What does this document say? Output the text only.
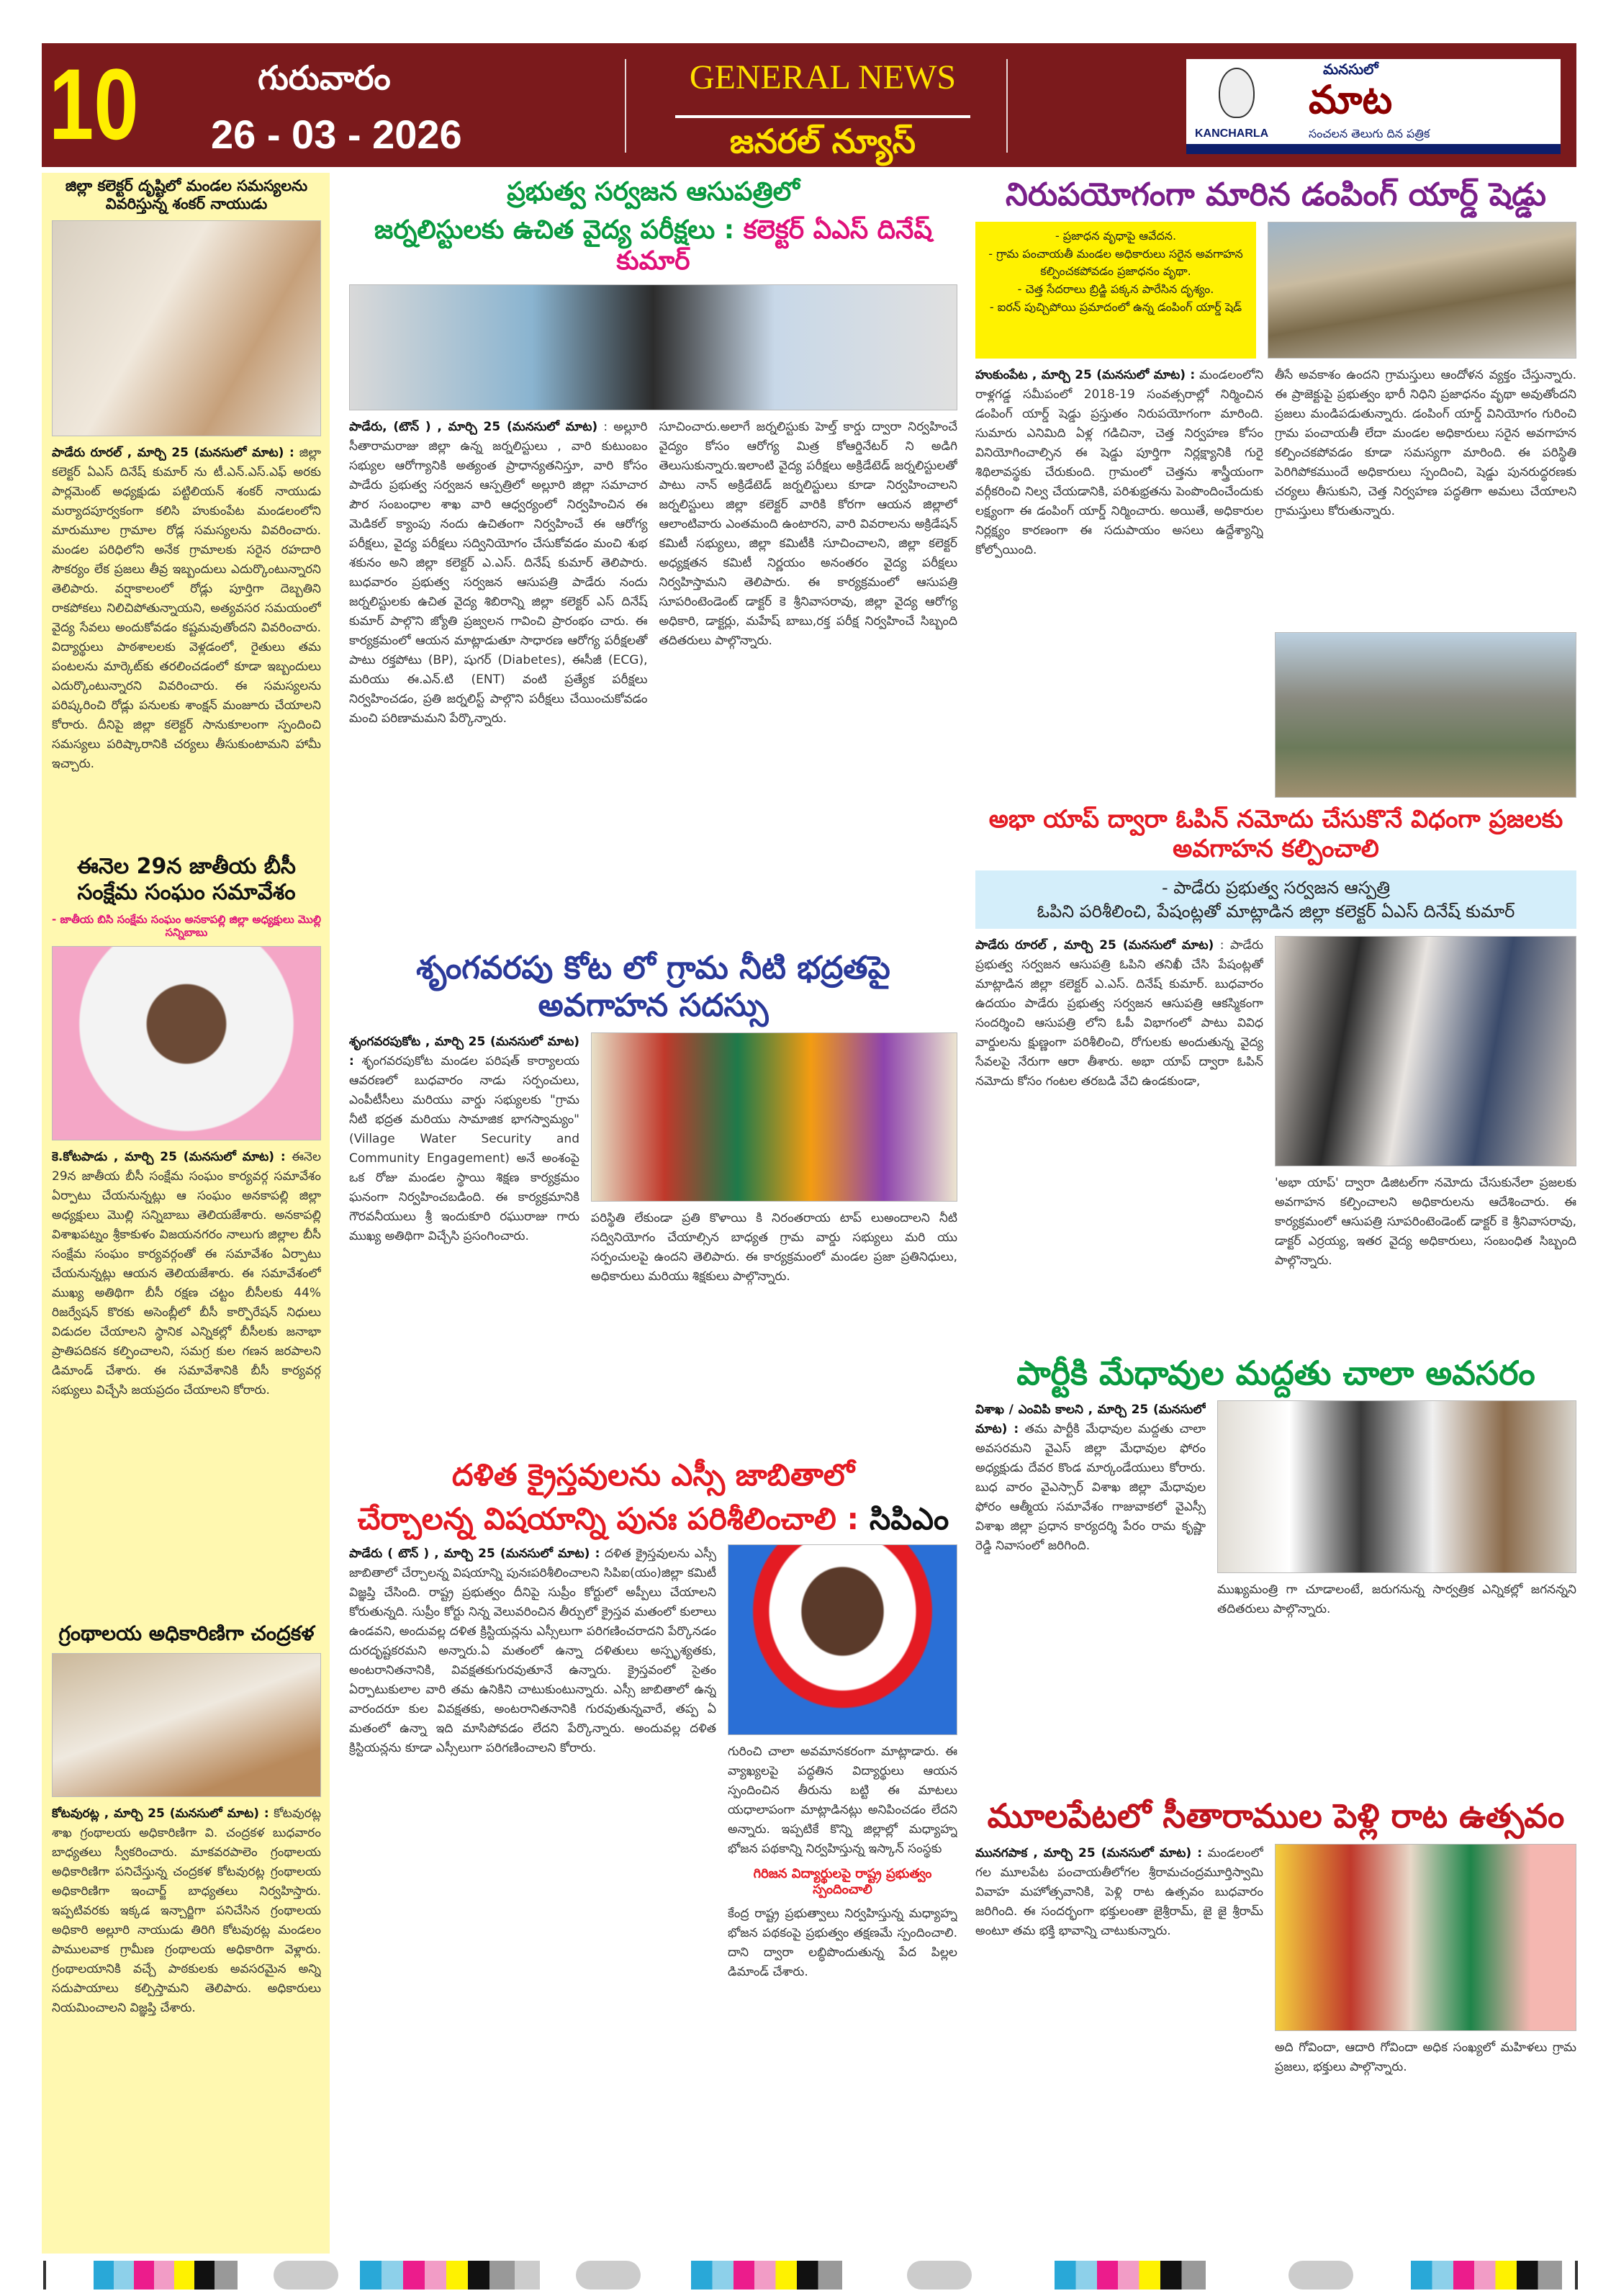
10	గురువారం
26 - 03 - 2026
GENERAL NEWS
జనరల్ న్యూస్
మనసులో
మాట
KANCHARLA	సంచలన తెలుగు దిన పత్రిక
జిల్లా కలెక్టర్ దృష్టిలో మండల సమస్యలను వివరిస్తున్న శంకర్ నాయుడు
పాడేరు రూరల్ , మార్చి 25 (మనసులో మాట) : జిల్లా కలెక్టర్ ఏఎస్ దినేష్ కుమార్ ను టీ.ఎన్.ఎస్.ఎఫ్ అరకు పార్లమెంట్ అధ్యక్షుడు పట్టిలియన్ శంకర్ నాయుడు మర్యాదపూర్వకంగా కలిసి హుకుంపేట మండలంలోని మారుమూల గ్రామాల రోడ్ల సమస్యలను వివరించారు. మండల పరిధిలోని అనేక గ్రామాలకు సరైన రహదారి సౌకర్యం లేక ప్రజలు తీవ్ర ఇబ్బందులు ఎదుర్కొంటున్నారని తెలిపారు. వర్షాకాలంలో రోడ్లు పూర్తిగా దెబ్బతిని రాకపోకలు నిలిచిపోతున్నాయని, అత్యవసర సమయంలో వైద్య సేవలు అందుకోవడం కష్టమవుతోందని వివరించారు. విద్యార్థులు పాఠశాలలకు వెళ్లడంలో, రైతులు తమ పంటలను మార్కెట్‌కు తరలించడంలో కూడా ఇబ్బందులు ఎదుర్కొంటున్నారని వివరించారు. ఈ సమస్యలను పరిష్కరించి రోడ్లు పనులకు శాంక్షన్ మంజూరు చేయాలని కోరారు. దీనిపై జిల్లా కలెక్టర్ సానుకూలంగా స్పందించి సమస్యలు పరిష్కారానికి చర్యలు తీసుకుంటామని హామీ ఇచ్చారు.
ఈనెల 29న జాతీయ బీసీ సంక్షేమ సంఘం సమావేశం
- జాతీయ బిసి సంక్షేమ సంఘం అనకాపల్లి జిల్లా అధ్యక్షులు మొల్లి సన్నిబాబు
కె.కోటపాడు , మార్చి 25 (మనసులో మాట) : ఈనెల 29న జాతీయ బీసీ సంక్షేమ సంఘం కార్యవర్గ సమావేశం ఏర్పాటు చేయనున్నట్లు ఆ సంఘం అనకాపల్లి జిల్లా అధ్యక్షులు మొల్లి సన్నిబాబు తెలియజేశారు. అనకాపల్లి విశాఖపట్నం శ్రీకాకుళం విజయనగరం నాలుగు జిల్లాల బీసీ సంక్షేమ సంఘం కార్యవర్గంతో ఈ సమావేశం ఏర్పాటు చేయనున్నట్లు ఆయన తెలియజేశారు. ఈ సమావేశంలో ముఖ్య అతిథిగా బీసీ రక్షణ చట్టం బీసీలకు 44% రిజర్వేషన్ కొరకు అసెంబ్లీలో బీసీ కార్పొరేషన్ నిధులు విడుదల చేయాలని స్థానిక ఎన్నికల్లో బీసీలకు జనాభా ప్రాతిపదికన కల్పించాలని, సమగ్ర కుల గణన జరపాలని డిమాండ్ చేశారు. ఈ సమావేశానికి బీసీ కార్యవర్గ సభ్యులు విచ్చేసి జయప్రదం చేయాలని కోరారు.
గ్రంథాలయ అధికారిణిగా చంద్రకళ
కోటవురట్ల , మార్చి 25 (మనసులో మాట) : కోటవురట్ల శాఖ గ్రంథాలయ అధికారిణిగా వి. చంద్రకళ బుధవారం బాధ్యతలు స్వీకరించారు. మాకవరపాలెం గ్రంథాలయ అధికారిణిగా పనిచేస్తున్న చంద్రకళ కోటవురట్ల గ్రంథాలయ అధికారిణిగా ఇంచార్జ్ బాధ్యతలు నిర్వహిస్తారు. ఇప్పటివరకు ఇక్కడ ఇన్చార్జిగా పనిచేసిన గ్రంథాలయ అధికారి అల్లూరి నాయుడు తిరిగి కోటవురట్ల మండలం పాములవాక గ్రామీణ గ్రంథాలయ అధికారిగా వెళ్లారు. గ్రంథాలయానికి వచ్చే పాఠకులకు అవసరమైన అన్ని సదుపాయాలు కల్పిస్తామని తెలిపారు. అధికారులు నియమించాలని విజ్ఞప్తి చేశారు.
ప్రభుత్వ సర్వజన ఆసుపత్రిలో
జర్నలిస్టులకు ఉచిత వైద్య పరీక్షలు : కలెక్టర్ ఏఎస్ దినేష్ కుమార్
పాడేరు, (టౌన్ ) , మార్చి 25 (మనసులో మాట) : అల్లూరి సీతారామరాజు జిల్లా ఉన్న జర్నలిస్టులు , వారి కుటుంబం సభ్యుల ఆరోగ్యానికి అత్యంత ప్రాధాన్యతనిస్తూ, వారి కోసం పాడేరు ప్రభుత్వ సర్వజన ఆస్పత్రిలో అల్లూరి జిల్లా సమాచార పౌర సంబంధాల శాఖ వారి ఆధ్వర్యంలో నిర్వహించిన ఈ మెడికల్ క్యాంపు నందు ఉచితంగా నిర్వహించే ఈ ఆరోగ్య పరీక్షలు, వైద్య పరీక్షలు సద్వినియోగం చేసుకోవడం మంచి శుభ శకునం అని జిల్లా కలెక్టర్ ఎ.ఎస్. దినేష్ కుమార్ తెలిపారు. బుధవారం ప్రభుత్వ సర్వజన ఆసుపత్రి పాడేరు నందు జర్నలిస్టులకు ఉచిత వైద్య శిబిరాన్ని జిల్లా కలెక్టర్ ఎస్ దినేష్ కుమార్ పాల్గొని జ్యోతి ప్రజ్వలన గావించి ప్రారంభం చారు. ఈ కార్యక్రమంలో ఆయన మాట్లాడుతూ సాధారణ ఆరోగ్య పరీక్షలతో పాటు రక్తపోటు (BP), షుగర్ (Diabetes), ఈసీజీ (ECG), మరియు ఈ.ఎన్.టి (ENT) వంటి ప్రత్యేక పరీక్షలు నిర్వహించడం, ప్రతి జర్నలిస్ట్ పాల్గొని పరీక్షలు చేయించుకోవడం మంచి పరిణామమని పేర్కొన్నారు.
సూచించారు.అలాగే జర్నలిస్టుకు హెల్త్ కార్డు ద్వారా నిర్వహించే వైద్యం కోసం ఆరోగ్య మిత్ర కోఆర్డినేటర్ ని అడిగి తెలుసుకున్నారు.ఇలాంటి వైద్య పరీక్షలు అక్రిడేటెడ్ జర్నలిస్టులతో పాటు నాన్ అక్రిడేటెడ్ జర్నలిస్టులు కూడా నిర్వహించాలని జర్నలిస్టులు జిల్లా కలెక్టర్ వారికి కోరగా ఆయన జిల్లాలో ఆలాంటివారు ఎంతమంది ఉంటారని, వారి వివరాలను అక్రిడేషన్ కమిటీ సభ్యులు, జిల్లా కమిటీకి సూచించాలని, జిల్లా కలెక్టర్ అధ్యక్షతన కమిటీ నిర్ణయం అనంతరం వైద్య పరీక్షలు నిర్వహిస్తామని తెలిపారు. ఈ కార్యక్రమంలో ఆసుపత్రి సూపరింటెండెంట్ డాక్టర్ కె శ్రీనివాసరావు, జిల్లా వైద్య ఆరోగ్య అధికారి, డాక్టర్లు, మహేష్ బాబు,రక్త పరీక్ష నిర్వహించే సిబ్బంది తదితరులు పాల్గొన్నారు.
శృంగవరపు కోట లో గ్రామ నీటి భద్రతపై అవగాహన సదస్సు
శృంగవరపుకోట , మార్చి 25 (మనసులో మాట) : శృంగవరపుకోట మండల పరిషత్ కార్యాలయ ఆవరణలో బుధవారం నాడు సర్పంచులు, ఎంపీటీసీలు మరియు వార్డు సభ్యులకు "గ్రామ నీటి భద్రత మరియు సామాజిక భాగస్వామ్యం" (Village Water Security and Community Engagement) అనే అంశంపై ఒక రోజు మండల స్థాయి శిక్షణ కార్యక్రమం ఘనంగా నిర్వహించబడింది. ఈ కార్యక్రమానికి గౌరవనీయులు శ్రీ ఇందుకూరి రఘురాజు గారు ముఖ్య అతిథిగా విచ్చేసి ప్రసంగించారు.
పరిస్థితి లేకుండా ప్రతి కొళాయి కి నిరంతరాయ టాప్ లుఅందాలని నీటి సద్వినియోగం చేయాల్సిన బాధ్యత గ్రామ వార్డు సభ్యులు మరి యు సర్పంచులపై ఉందని తెలిపారు. ఈ కార్యక్రమంలో మండల ప్రజా ప్రతినిధులు, అధికారులు మరియు శిక్షకులు పాల్గొన్నారు.
దళిత క్రైస్తవులను ఎస్సీ జాబితాలో
చేర్చాలన్న విషయాన్ని పునః పరిశీలించాలి : సిపిఎం
పాడేరు ( టౌన్ ) , మార్చి 25 (మనసులో మాట) : దళిత క్రైస్తవులను ఎస్సీ జాబితాలో చేర్చాలన్న విషయాన్ని పునఃపరిశీలించాలని సిపిఐ(యం)జిల్లా కమిటీ విజ్ఞప్తి చేసింది. రాష్ట్ర ప్రభుత్వం దీనిపై సుప్రీం కోర్టులో అప్పీలు చేయాలని కోరుతున్నది. సుప్రీం కోర్టు నిన్న వెలువరించిన తీర్పులో క్రైస్తవ మతంలో కులాలు ఉండవని, అందువల్ల దళిత క్రిస్టియన్లను ఎస్సీలుగా పరిగణించరాదని పేర్కొనడం దురదృష్టకరమని అన్నారు.ఏ మతంలో ఉన్నా దళితులు అస్పృశ్యతకు, అంటరానితనానికి, వివక్షతకుగురవుతూనే ఉన్నారు. క్రైస్తవంలో సైతం ఏర్పాటుకులాల వారి తమ ఉనికిని చాటుకుంటున్నారు. ఎస్సీ జాబితాలో ఉన్న వారందరూ కుల వివక్షతకు, అంటరానితనానికి గురవుతున్నవారే, తప్ప ఏ మతంలో ఉన్నా ఇది మాసిపోవడం లేదని పేర్కొన్నారు. అందువల్ల దళిత క్రిస్టియన్లను కూడా ఎస్సీలుగా పరిగణించాలని కోరారు.	గురించి చాలా అవమానకరంగా మాట్లాడారు. ఈ వ్యాఖ్యలపై పద్ధతిన విద్యార్థులు ఆయన స్పందించిన తీరును బట్టి ఈ మాటలు యధాలాపంగా మాట్లాడినట్లు అనిపించడం లేదని అన్నారు. ఇప్పటికే కొన్ని జిల్లాల్లో మధ్యాహ్న భోజన పథకాన్ని నిర్వహిస్తున్న ఇస్కాన్ సంస్థకు
గిరిజన విద్యార్థులపై రాష్ట్ర ప్రభుత్వం స్పందించాలి
కేంద్ర రాష్ట్ర ప్రభుత్వాలు నిర్వహిస్తున్న మధ్యాహ్న భోజన పథకంపై ప్రభుత్వం తక్షణమే స్పందించాలి. దాని ద్వారా లబ్ధిపొందుతున్న పేద పిల్లల డిమాండ్ చేశారు.
నిరుపయోగంగా మారిన డంపింగ్ యార్డ్ షెడ్డు
- ప్రజాధన వృధాపై ఆవేదన.
- గ్రామ పంచాయతీ మండల అధికారులు సరైన అవగాహన కల్పించకపోవడం ప్రజాధనం వృథా.
- చెత్త సేదరాలు బ్రిడ్జి పక్కన పారేసిన దృశ్యం.
- ఐరన్ పుచ్చిపోయి ప్రమాదంలో ఉన్న డంపింగ్ యార్డ్ షెడ్
హుకుంపేట , మార్చి 25 (మనసులో మాట) : మండలంలోని రాళ్లగడ్డ సమీపంలో 2018-19 సంవత్సరాల్లో నిర్మించిన డంపింగ్ యార్డ్ షెడ్డు ప్రస్తుతం నిరుపయోగంగా మారింది. సుమారు ఎనిమిది ఏళ్ల గడిచినా, చెత్త నిర్వహణ కోసం వినియోగించాల్సిన ఈ షెడ్డు పూర్తిగా నిర్లక్ష్యానికి గురై శిథిలావస్థకు చేరుకుంది. గ్రామంలో చెత్తను శాస్త్రీయంగా వర్గీకరించి నిల్వ చేయడానికి, పరిశుభ్రతను పెంపొందించేందుకు లక్ష్యంగా ఈ డంపింగ్ యార్డ్ నిర్మించారు. అయితే, అధికారుల నిర్లక్ష్యం కారణంగా ఈ సదుపాయం అసలు ఉద్దేశ్యాన్ని కోల్పోయింది.
తీసే అవకాశం ఉందని గ్రామస్తులు ఆందోళన వ్యక్తం చేస్తున్నారు. ఈ ప్రాజెక్టుపై ప్రభుత్వం భారీ నిధిని ప్రజాధనం వృథా అవుతోందని ప్రజలు మండిపడుతున్నారు. డంపింగ్ యార్డ్ వినియోగం గురించి గ్రామ పంచాయతీ లేదా మండల అధికారులు సరైన అవగాహన కల్పించకపోవడం కూడా సమస్యగా మారింది. ఈ పరిస్థితి పెరిగిపోకముందే అధికారులు స్పందించి, షెడ్డు పునరుద్ధరణకు చర్యలు తీసుకుని, చెత్త నిర్వహణ పద్ధతిగా అమలు చేయాలని గ్రామస్తులు కోరుతున్నారు.
అభా యాప్ ద్వారా ఓపిన్ నమోదు చేసుకొనే విధంగా ప్రజలకు అవగాహన కల్పించాలి
- పాడేరు ప్రభుత్వ సర్వజన ఆస్పత్రి
ఓపిని పరిశీలించి, పేషంట్లతో మాట్లాడిన జిల్లా కలెక్టర్ ఏఎస్ దినేష్ కుమార్
పాడేరు రూరల్ , మార్చి 25 (మనసులో మాట) : పాడేరు ప్రభుత్వ సర్వజన ఆసుపత్రి ఓపిని తనిఖీ చేసి పేషంట్లతో మాట్లాడిన జిల్లా కలెక్టర్ ఎ.ఎస్. దినేష్ కుమార్. బుధవారం ఉదయం పాడేరు ప్రభుత్వ సర్వజన ఆసుపత్రి ఆకస్మికంగా సందర్శించి ఆసుపత్రి లోని ఓపీ విభాగంలో పాటు వివిధ వార్డులను క్షుణ్ణంగా పరిశీలించి, రోగులకు అందుతున్న వైద్య సేవలపై నేరుగా ఆరా తీశారు. అభా యాప్ ద్వారా ఓపిన్ నమోదు కోసం గంటల తరబడి వేచి ఉండకుండా,
'అభా యాప్' ద్వారా డిజిటల్‌గా నమోదు చేసుకునేలా ప్రజలకు అవగాహన కల్పించాలని అధికారులను ఆదేశించారు. ఈ కార్యక్రమంలో ఆసుపత్రి సూపరింటెండెంట్ డాక్టర్ కె శ్రీనివాసరావు, డాక్టర్ ఎర్రయ్య, ఇతర వైద్య అధికారులు, సంబంధిత సిబ్బంది పాల్గొన్నారు.
పార్టీకి మేధావుల మద్దతు చాలా అవసరం
విశాఖ / ఎంవిపి కాలని , మార్చి 25 (మనసులో మాట) : తమ పార్టీకి మేధావుల మద్దతు చాలా అవసరమని వైఎస్ జిల్లా మేధావుల ఫోరం అధ్యక్షుడు దేవర కొండ మార్కండేయులు కోరారు. బుధ వారం వైఎస్సార్ విశాఖ జిల్లా మేధావుల ఫోరం ఆత్మీయ సమావేశం గాజువాకలో వైఎస్సీ విశాఖ జిల్లా ప్రధాన కార్యదర్శి పేరం రామ కృష్ణా రెడ్డి నివాసంలో జరిగింది.
ముఖ్యమంత్రి గా చూడాలంటే, జరుగనున్న సార్వత్రిక ఎన్నికల్లో జగనన్నని తదితరులు పాల్గొన్నారు.
మూలపేటలో సీతారాముల పెళ్లి రాట ఉత్సవం
మునగపాక , మార్చి 25 (మనసులో మాట) : మండలంలో గల మూలపేట పంచాయతీలోగల శ్రీరామచంద్రమూర్తిస్వామి వివాహ మహోత్సవానికి, పెళ్లి రాట ఉత్సవం బుధవారం జరిగింది. ఈ సందర్భంగా భక్తులంతా జైశ్రీరామ్, జై జై శ్రీరామ్ అంటూ తమ భక్తి భావాన్ని చాటుకున్నారు.
అది గోవిందా, ఆదారి గోవిందా అధిక సంఖ్యలో మహిళలు గ్రామ ప్రజలు, భక్తులు పాల్గొన్నారు.
